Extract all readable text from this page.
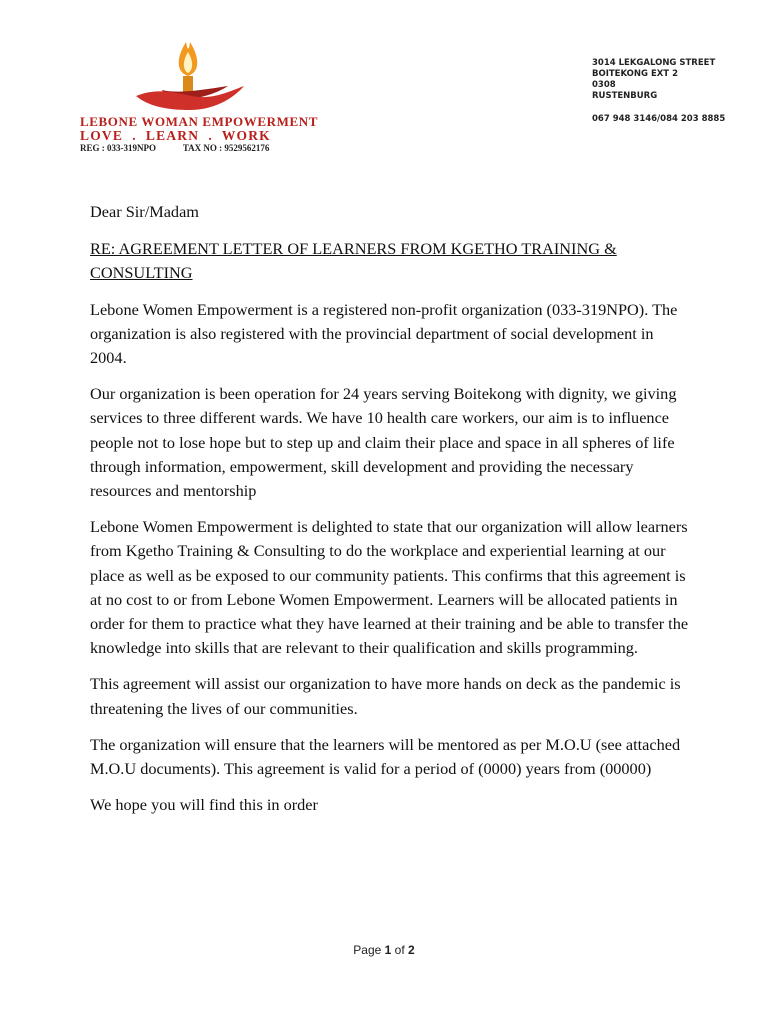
LEBONE WOMAN EMPOWERMENT
LOVE  .  LEARN  .  WORK
REG : 033-319NPO	TAX NO : 9529562176
3014 LEKGALONG STREET
BOITEKONG EXT 2
0308
RUSTENBURG
067 948 3146/084 203 8885

Dear Sir/Madam

RE: AGREEMENT LETTER OF LEARNERS FROM KGETHO TRAINING & CONSULTING

Lebone Women Empowerment is a registered non-profit organization (033-319NPO). The organization is also registered with the provincial department of social development in 2004.

Our organization is been operation for 24 years serving Boitekong with dignity, we giving services to three different wards. We have 10 health care workers, our aim is to influence people not to lose hope but to step up and claim their place and space in all spheres of life through information, empowerment, skill development and providing the necessary resources and mentorship

Lebone Women Empowerment is delighted to state that our organization will allow learners from Kgetho Training & Consulting to do the workplace and experiential learning at our place as well as be exposed to our community patients. This confirms that this agreement is at no cost to or from Lebone Women Empowerment. Learners will be allocated patients in order for them to practice what they have learned at their training and be able to transfer the knowledge into skills that are relevant to their qualification and skills programming.

This agreement will assist our organization to have more hands on deck as the pandemic is threatening the lives of our communities.

The organization will ensure that the learners will be mentored as per M.O.U (see attached M.O.U documents). This agreement is valid for a period of (0000) years from (00000)

We hope you will find this in order

Page 1 of 2
